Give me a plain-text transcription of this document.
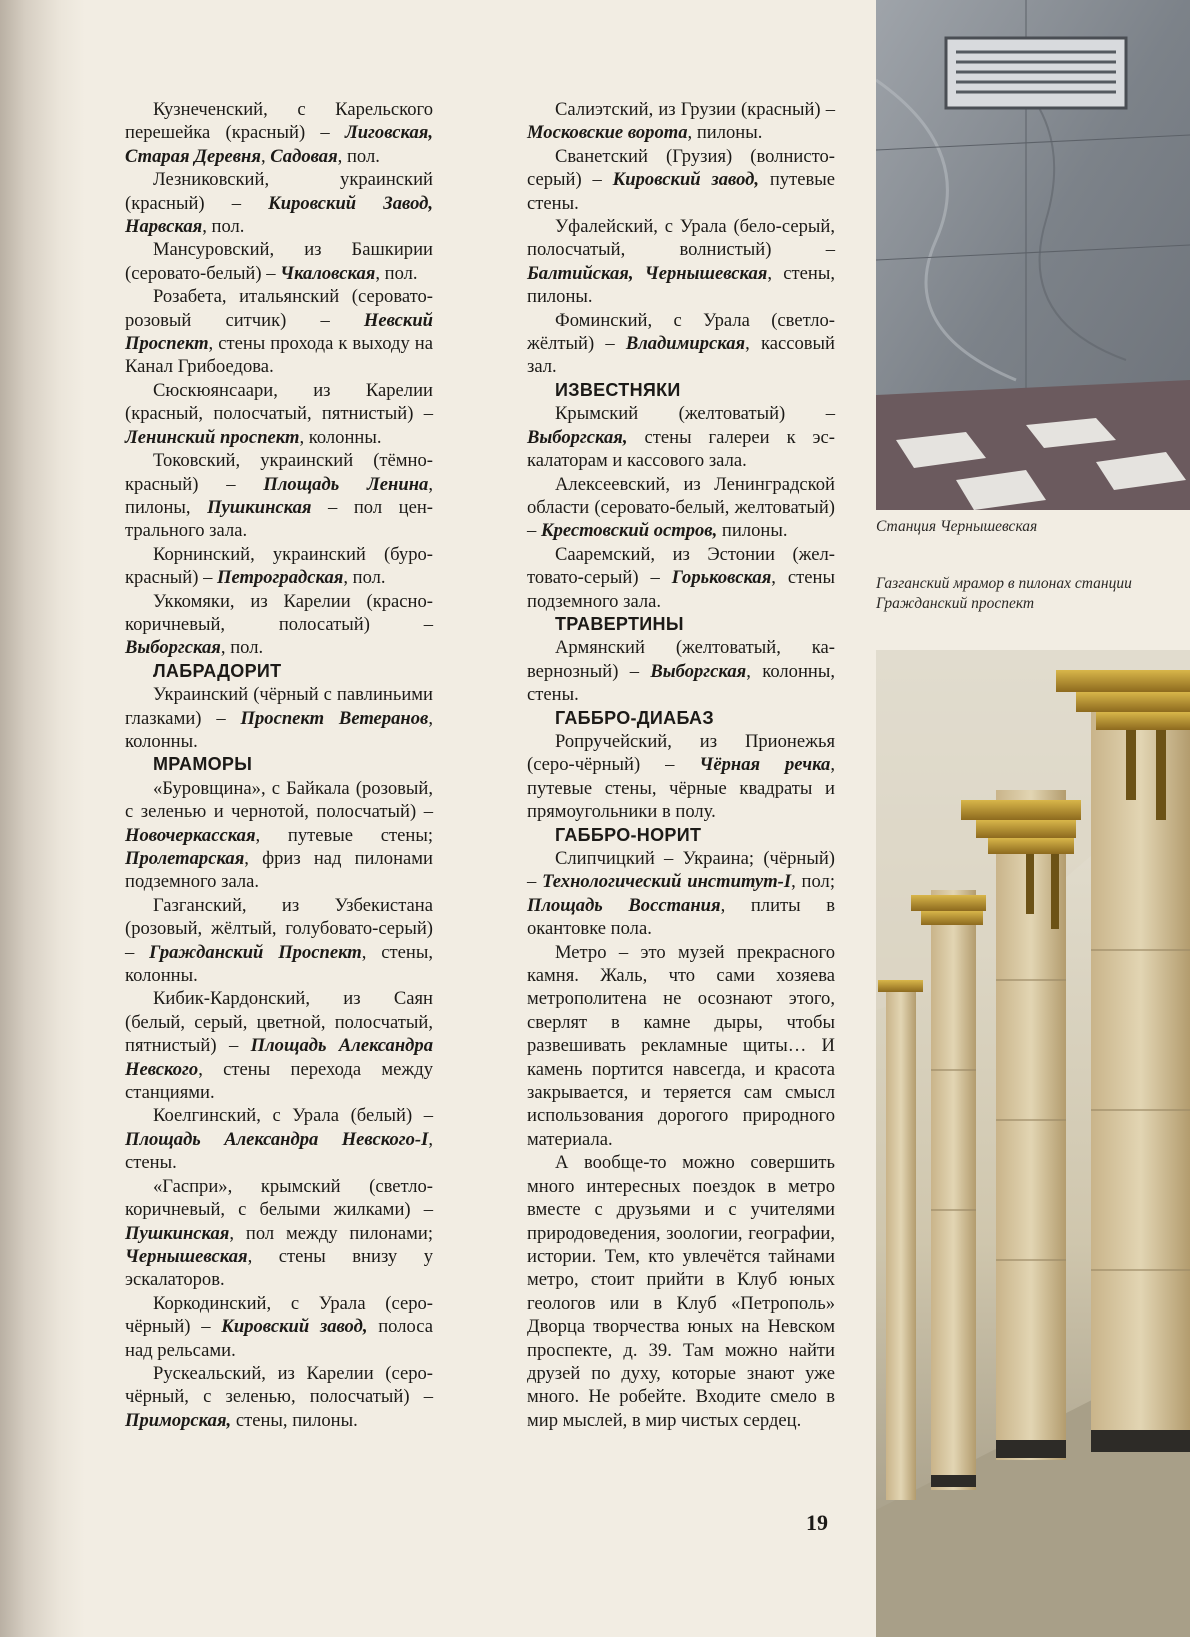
Кузнеченский, с Карельского перешейка (красный) – Лиговская, Старая Деревня, Садовая, пол.

Лезниковский, украинский (красный) – Кировский Завод, Нарвская, пол.

Мансуровский, из Башкирии (серовато-белый) – Чкаловская, пол.

Розабета, итальянский (серовато-розовый ситчик) – Невский Проспект, стены прохода к выходу на Канал Грибоедова.

Сюскюянсаари, из Карелии (красный, полосчатый, пятнистый) – Ленинский проспект, колонны.

Токовский, украинский (тёмно-красный) – Площадь Ленина, пилоны, Пушкинская – пол центрального зала.

Корнинский, украинский (буро-красный) – Петроградская, пол.

Уккомяки, из Карелии (красно-коричневый, полосатый) – Выборгская, пол.

ЛАБРАДОРИТ

Украинский (чёрный с павлиньими глазками) – Проспект Ветеранов, колонны.

МРАМОРЫ

«Буровщина», с Байкала (розовый, с зеленью и чернотой, полосчатый) – Новочеркасская, путевые стены; Пролетарская, фриз над пилонами подземного зала.

Газганский, из Узбекистана (розовый, жёлтый, голубовато-серый) – Гражданский Проспект, стены, колонны.

Кибик-Кардонский, из Саян (белый, серый, цветной, полосчатый, пятнистый) – Площадь Александра Невского, стены перехода между станциями.

Коелгинский, с Урала (белый) – Площадь Александра Невского-I, стены.

«Гаспри», крымский (светлокоричневый, с белыми жилками) – Пушкинская, пол между пилонами; Чернышевская, стены внизу у эскалаторов.

Коркодинский, с Урала (серочёрный) – Кировский завод, полоса над рельсами.

Рускеальский, из Карелии (серо-чёрный, с зеленью, полосчатый) – Приморская, стены, пилоны.

Салиэтский, из Грузии (красный) – Московские ворота, пилоны.

Сванетский (Грузия) (волнисто-серый) – Кировский завод, путевые стены.

Уфалейский, с Урала (бело-серый, полосчатый, волнистый) – Балтийская, Чернышевская, стены, пилоны.

Фоминский, с Урала (светло-жёлтый) – Владимирская, кассовый зал.

ИЗВЕСТНЯКИ

Крымский (желтоватый) – Выборгская, стены галереи к эскалаторам и кассового зала.

Алексеевский, из Ленинградской области (серовато-белый, желтоватый) – Крестовский остров, пилоны.

Сааремский, из Эстонии (желтовато-серый) – Горьковская, стены подземного зала.

ТРАВЕРТИНЫ

Армянский (желтоватый, кавернозный) – Выборгская, колонны, стены.

ГАББРО-ДИАБАЗ

Ропручейский, из Прионежья (серо-чёрный) – Чёрная речка, путевые стены, чёрные квадраты и прямоугольники в полу.

ГАББРО-НОРИТ

Слипчицкий – Украина; (чёрный) – Технологический институт-I, пол; Площадь Восстания, плиты в окантовке пола.

Метро – это музей прекрасного камня. Жаль, что сами хозяева метрополитена не осознают этого, сверлят в камне дыры, чтобы развешивать рекламные щиты… И камень портится навсегда, и красота закрывается, и теряется сам смысл использования дорогого природного материала.

А вообще-то можно совершить много интересных поездок в метро вместе с друзьями и с учителями природоведения, зоологии, географии, истории. Тем, кто увлечётся тайнами метро, стоит прийти в Клуб юных геологов или в Клуб «Петрополь» Дворца творчества юных на Невском проспекте, д. 39. Там можно найти друзей по духу, которые знают уже много. Не робейте. Входите смело в мир мыслей, в мир чистых сердец.

Станция Чернышевская
Газганский мрамор в пилонах станции Гражданский проспект
19
